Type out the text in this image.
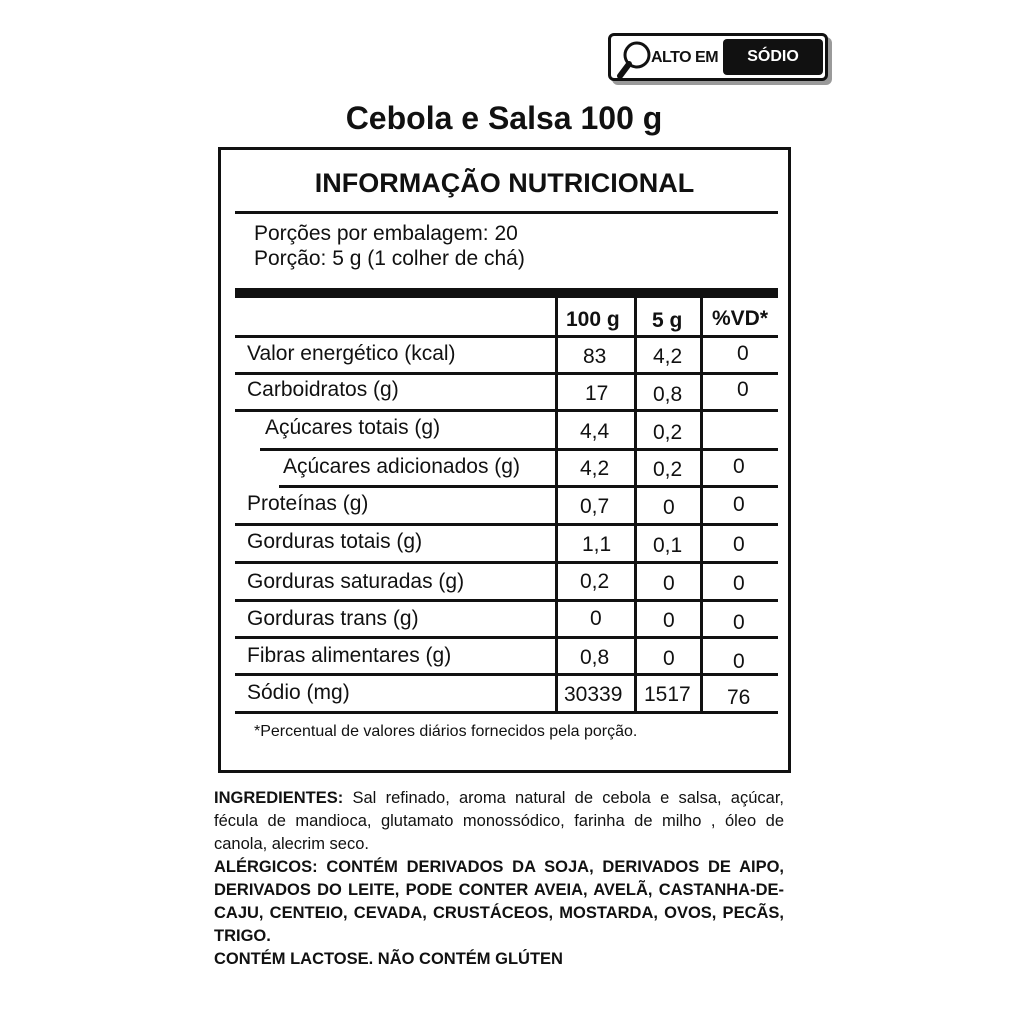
ALTO EM SÓDIO
Cebola e Salsa 100 g
INFORMAÇÃO NUTRICIONAL
Porções por embalagem: 20
Porção: 5 g (1 colher de chá)
100 g 5 g %VD*
Valor energético (kcal)	83 4,2	0
Carboidratos (g)	17 0,8	0
Açúcares totais (g)	4,4 0,2
Açúcares adicionados (g)	4,2 0,2 0
Proteínas (g)	0,7	0	0
Gorduras totais (g)	1,1 0,1 0
Gorduras saturadas (g)	0,2	0	0
Gorduras trans (g)	0	0	0
Fibras alimentares (g)	0,8	0	0
Sódio (mg)	30339 1517 76
*Percentual de valores diários fornecidos pela porção.

INGREDIENTES: Sal refinado, aroma natural de cebola e salsa, açúcar, fécula de mandioca, glutamato monossódico, farinha de milho , óleo de canola, alecrim seco.

ALÉRGICOS: CONTÉM DERIVADOS DA SOJA, DERIVADOS DE AIPO, DERIVADOS DO LEITE, PODE CONTER AVEIA, AVELÃ, CASTANHA-DE-CAJU, CENTEIO, CEVADA, CRUSTÁCEOS, MOSTARDA, OVOS, PECÃS, TRIGO.

CONTÉM LACTOSE. NÃO CONTÉM GLÚTEN
